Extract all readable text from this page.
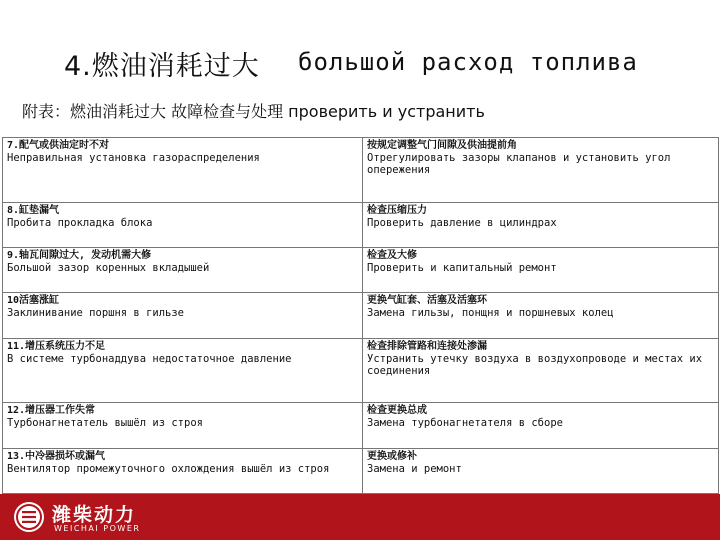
4.燃油消耗过大 большой расход топлива
附表：燃油消耗过大 故障检查与处理 проверить и устранить
7.配气或供油定时不对
Неправильная установка газораспределения	按规定调整气门间隙及供油提前角
Отрегулировать зазоры клапанов и установить угол опережения

8.缸垫漏气
Пробита прокладка блока	检查压缩压力
Проверить давление в цилиндрах

9.轴瓦间隙过大, 发动机需大修
Большой зазор коренных вкладышей	检查及大修
Проверить и капитальный ремонт

10活塞涨缸
Заклинивание поршня в гильзе	更换气缸套、活塞及活塞环
Замена гильзы, понщня и поршневых колец

11.增压系统压力不足
В системе турбонаддува недостаточное давление	检查排除管路和连接处渗漏
Устранить утечку воздуха в воздухопроводе и местах их соединения

12.增压器工作失常
Турбонагнетатель вышёл из строя	检查更换总成
Замена турбонагнетателя в сборе

13.中冷器损坏或漏气
Вентилятор промежуточного охлождения вышёл из строя	更换或修补
Замена и ремонт
潍柴动力
WEICHAI POWER
